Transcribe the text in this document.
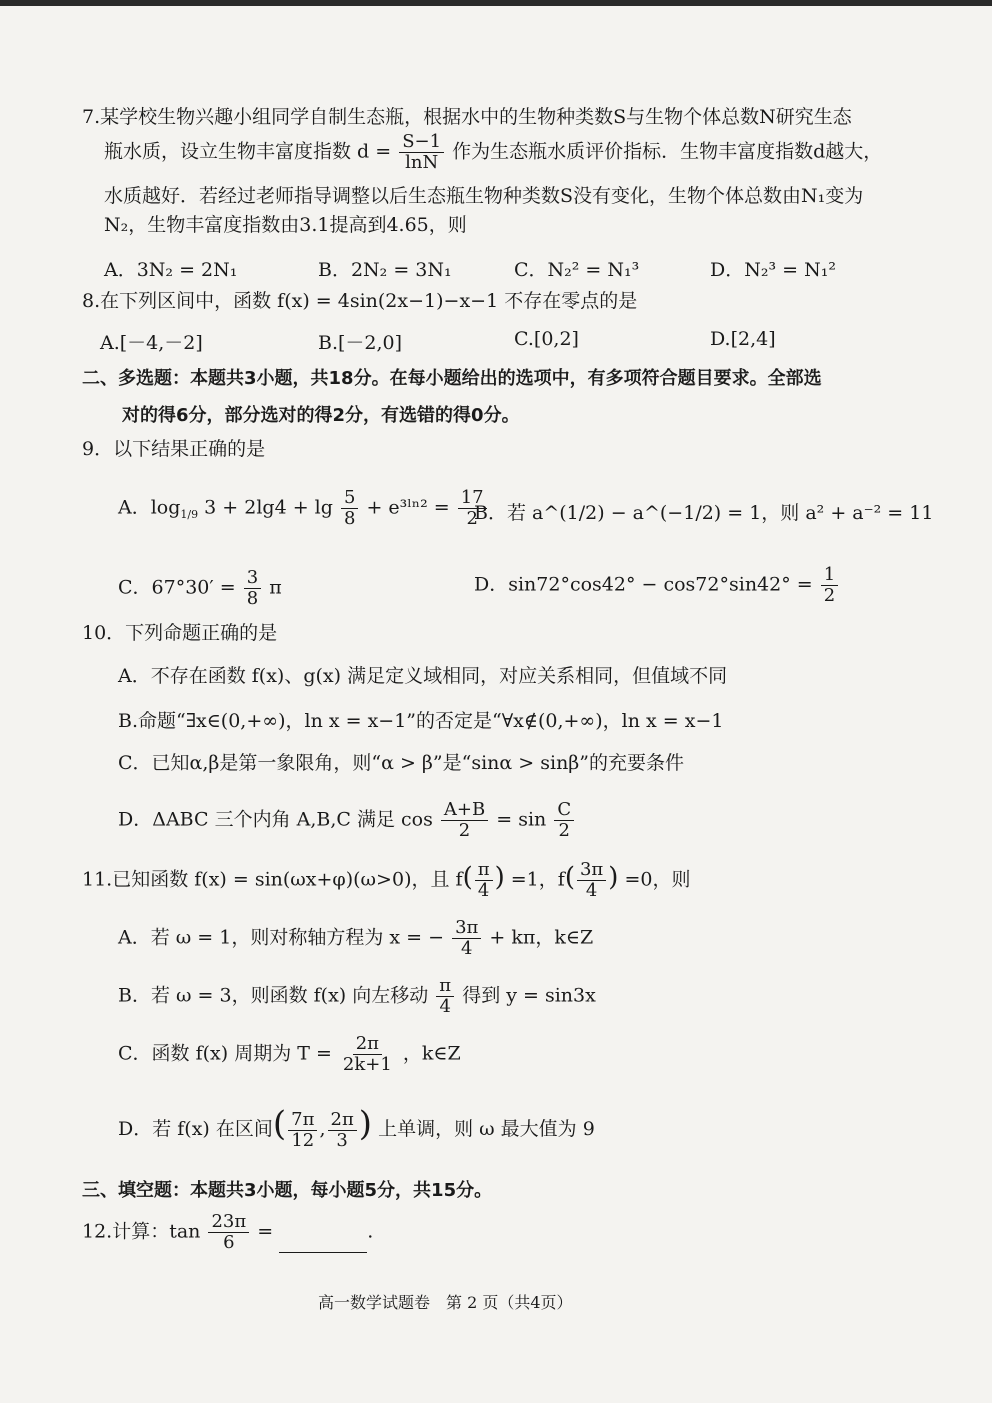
7.某学校生物兴趣小组同学自制生态瓶，根据水中的生物种类数S与生物个体总数N研究生态
瓶水质，设立生物丰富度指数 $d = \frac{S-1}{\ln N}$ 作为生态瓶水质评价指标．生物丰富度指数d越大，
水质越好．若经过老师指导调整以后生态瓶生物种类数S没有变化，生物个体总数由N₁变为
N₂，生物丰富度指数由3.1提高到4.65，则
A．3N₂ = 2N₁	B．2N₂ = 3N₁	C．N₂² = N₁³	D．N₂³ = N₁²
8.在下列区间中，函数 f(x) = 4sin(2x−1)−x−1 不存在零点的是
A.[－4,－2]	B.[－2,0]	C.[0,2]	D.[2,4]
二、多选题：本题共3小题，共18分。在每小题给出的选项中，有多项符合题目要求。全部选
对的得6分，部分选对的得2分，有选错的得0分。
9．以下结果正确的是
A．$\log_{1/9} 3 + 2\lg 4 + \lg \frac{5}{8}$ + e³ˡⁿ² = $\frac{17}{2}$
B．若 a^(1/2) − a^(−1/2) = 1，则 a² + a⁻² = 11
C．$67^\circ 30' = \frac{3}{8}$ π	D．$\sin 72^\circ\cos 42^\circ - \cos 72^\circ\sin 42^\circ = \frac{1}{2}$
10．下列命题正确的是
A．不存在函数 f(x)、g(x) 满足定义域相同，对应关系相同，但值域不同
B.命题“∃x∈(0,+∞)，ln x = x−1”的否定是“∀x∉(0,+∞)，ln x = x−1
C．已知α,β是第一象限角，则“α > β”是“sinα > sinβ”的充要条件
D．ΔABC 三个内角 A,B,C 满足 $\cos \frac{A+B}{2} = \sin \frac{C}{2}$
11.已知函数 f(x) = sin(ωx+φ)(ω>0)，且 $f( \frac{\pi}{4}$ ) =1，$f( \frac{3\pi}{4}$ ) =0，则
A．若 ω = 1，则对称轴方程为 x = − $\frac{3\pi}{4} + k\pi$，k∈Z
B．若 ω = 3，则函数 f(x) 向左移动 $\frac{\pi}{4}$ 得到 y = sin3x
C．函数 f(x) 周期为 $T = \frac{2\pi}{2k+1}$ ，k∈Z
D．若 f(x) 在区间( $\frac{7\pi}{12}$ , $\frac{2\pi}{3}$ ) 上单调，则 ω 最大值为 9
三、填空题：本题共3小题，每小题5分，共15分。
12.计算：$\tan \frac{23\pi}{6}$ =	.
高一数学试题卷　第 2 页（共4页）
